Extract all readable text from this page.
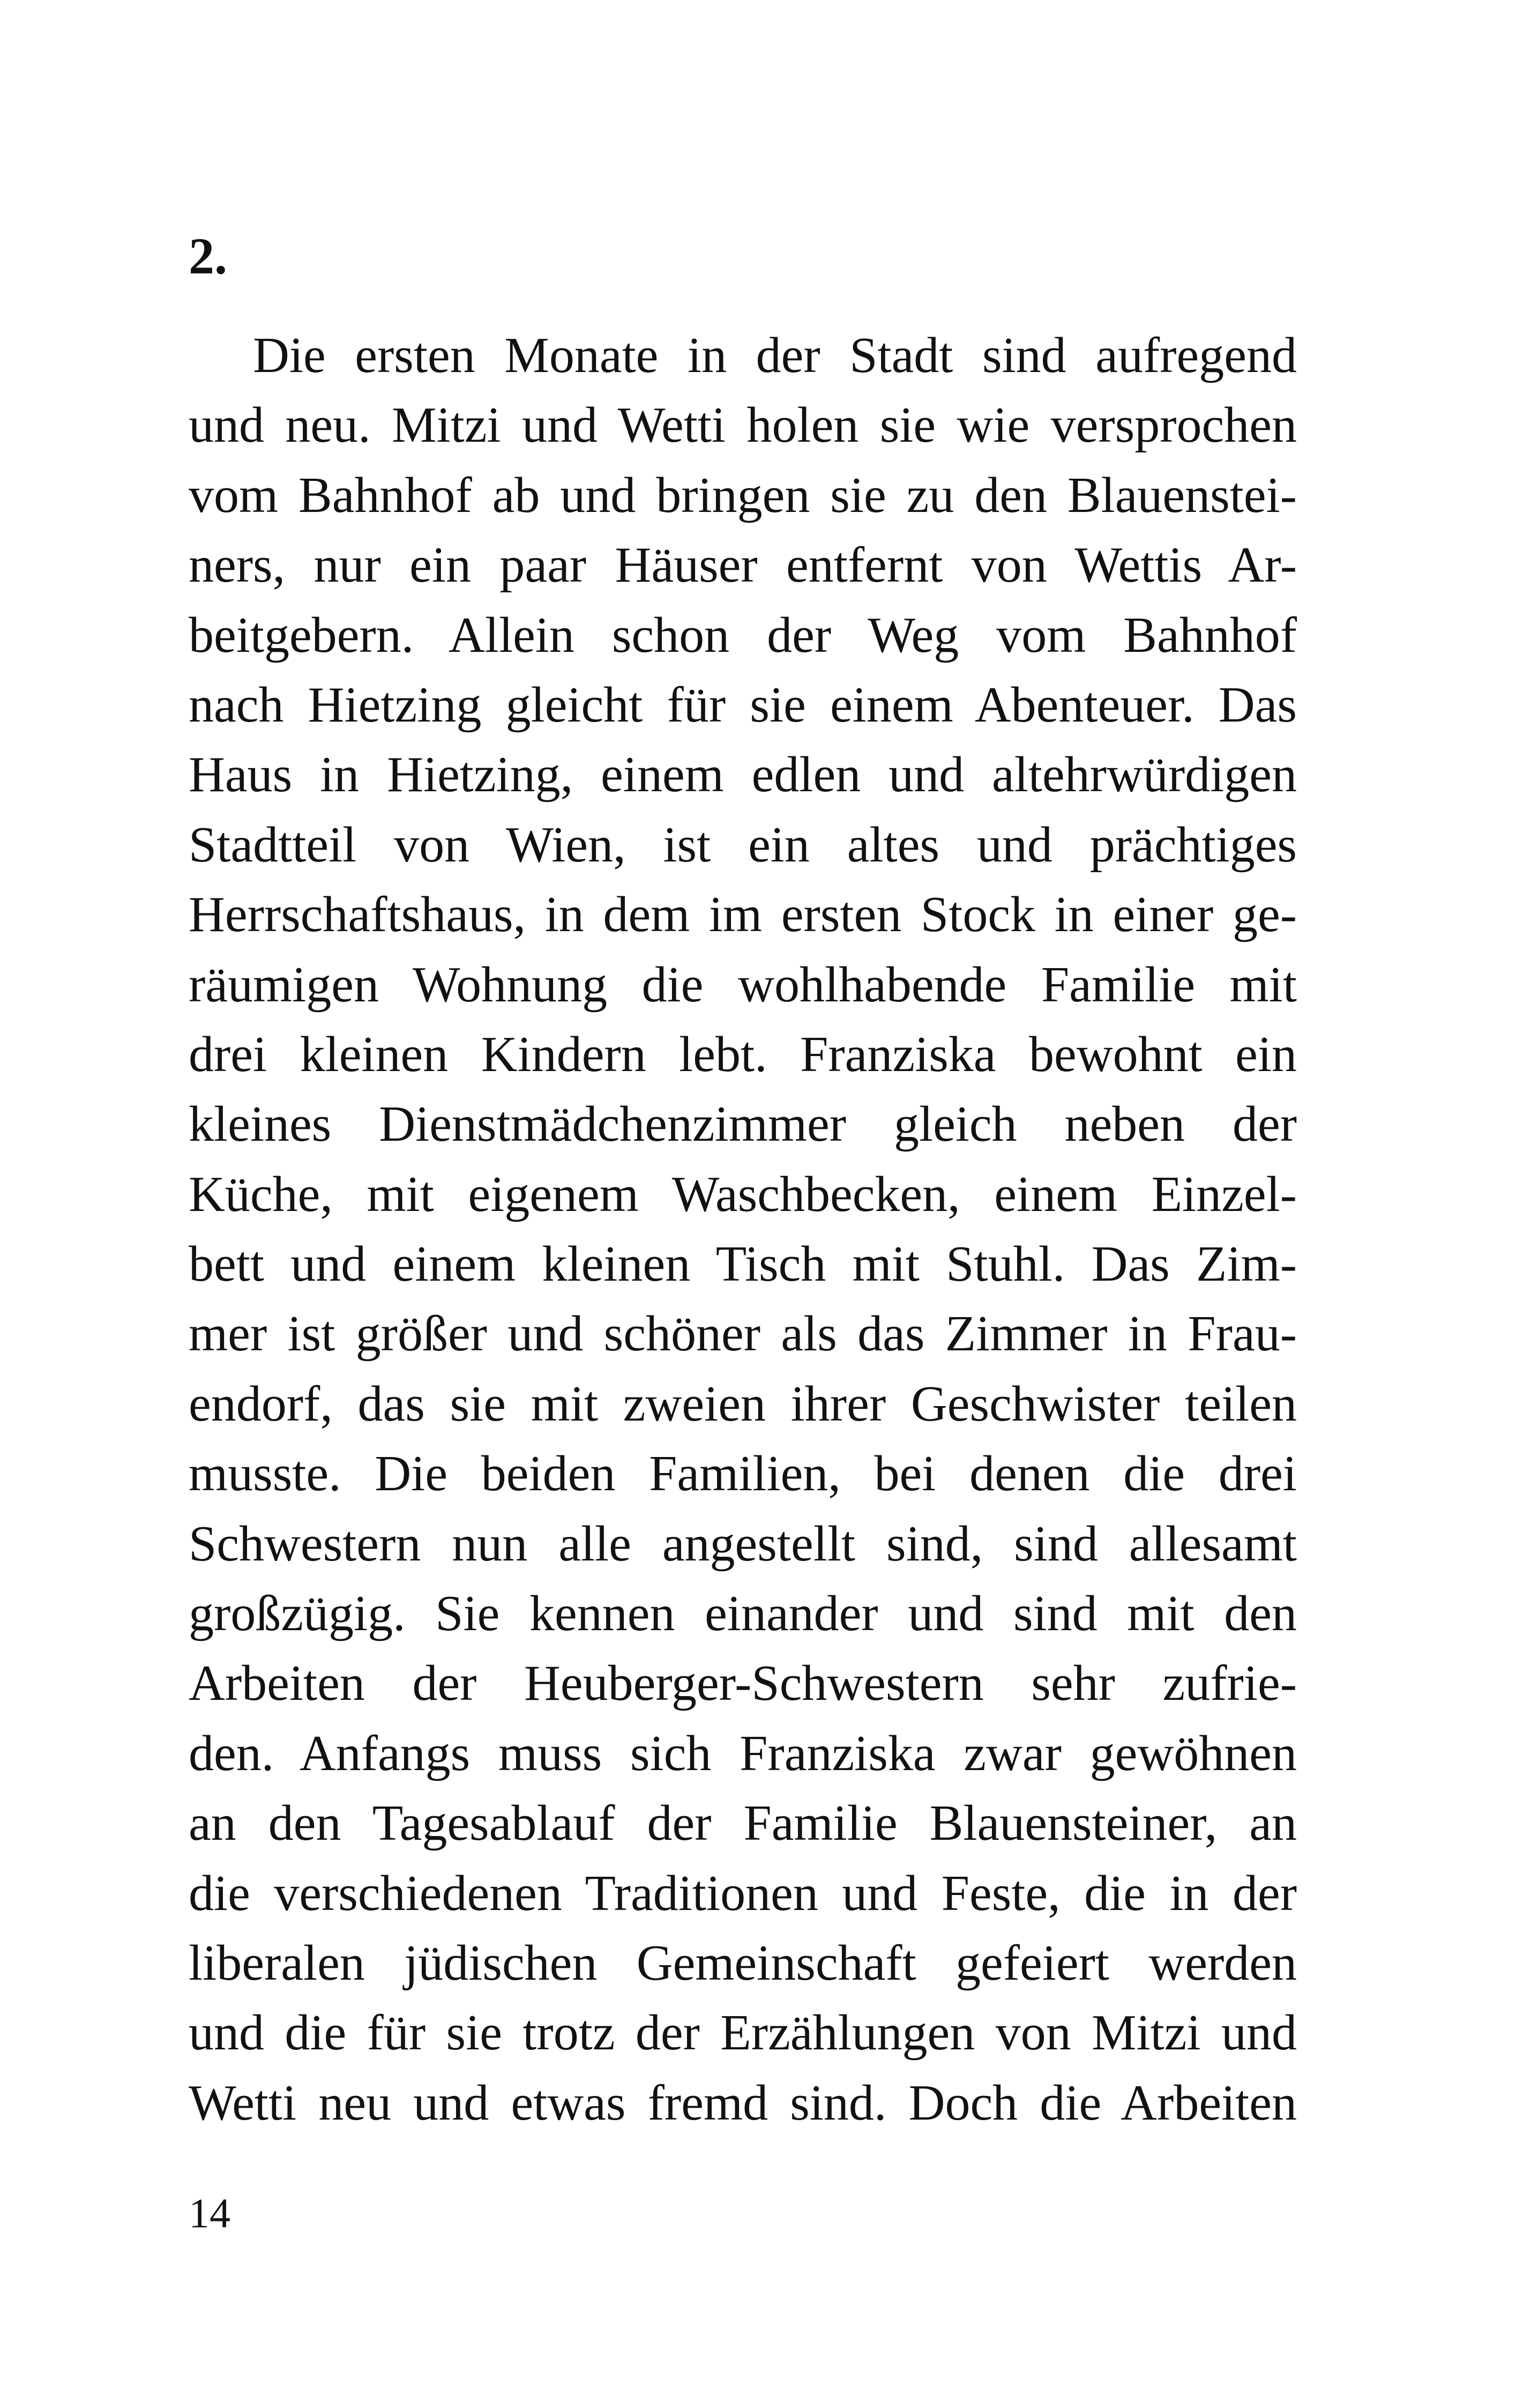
2.
Die ersten Monate in der Stadt sind aufregend
und neu. Mitzi und Wetti holen sie wie versprochen
vom Bahnhof ab und bringen sie zu den Blauenstei-
ners, nur ein paar Häuser entfernt von Wettis Ar-
beitgebern. Allein schon der Weg vom Bahnhof
nach Hietzing gleicht für sie einem Abenteuer. Das
Haus in Hietzing, einem edlen und altehrwürdigen
Stadtteil von Wien, ist ein altes und prächtiges
Herrschaftshaus, in dem im ersten Stock in einer ge-
räumigen Wohnung die wohlhabende Familie mit
drei kleinen Kindern lebt. Franziska bewohnt ein
kleines Dienstmädchenzimmer gleich neben der
Küche, mit eigenem Waschbecken, einem Einzel-
bett und einem kleinen Tisch mit Stuhl. Das Zim-
mer ist größer und schöner als das Zimmer in Frau-
endorf, das sie mit zweien ihrer Geschwister teilen
musste. Die beiden Familien, bei denen die drei
Schwestern nun alle angestellt sind, sind allesamt
großzügig. Sie kennen einander und sind mit den
Arbeiten der Heuberger-Schwestern sehr zufrie-
den. Anfangs muss sich Franziska zwar gewöhnen
an den Tagesablauf der Familie Blauensteiner, an
die verschiedenen Traditionen und Feste, die in der
liberalen jüdischen Gemeinschaft gefeiert werden
und die für sie trotz der Erzählungen von Mitzi und
Wetti neu und etwas fremd sind. Doch die Arbeiten
14
